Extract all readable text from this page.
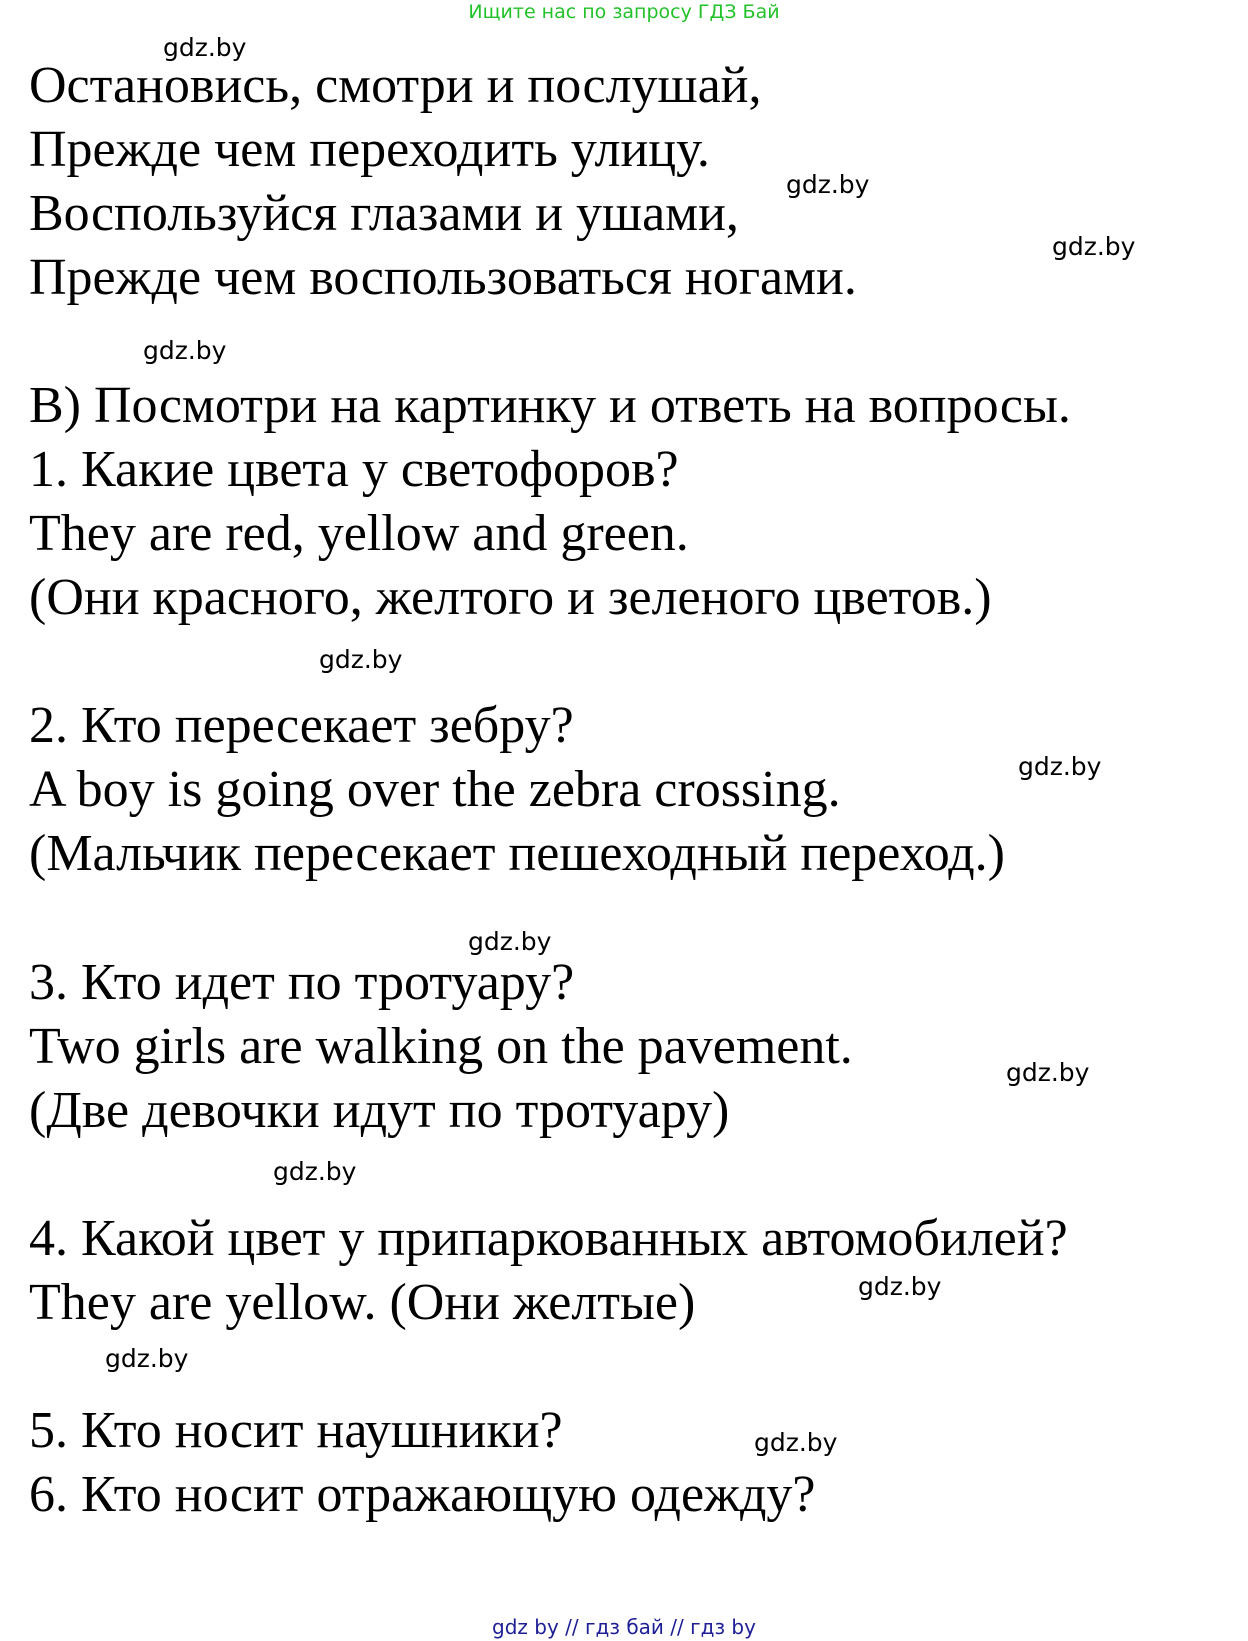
Ищите нас по запросу ГДЗ Бай
Остановись, смотри и послушай,
Прежде чем переходить улицу.
Воспользуйся глазами и ушами,
Прежде чем воспользоваться ногами.
B) Посмотри на картинку и ответь на вопросы.
1. Какие цвета у светофоров?
They are red, yellow and green.
(Они красного, желтого и зеленого цветов.)
2. Кто пересекает зебру?
A boy is going over the zebra crossing.
(Мальчик пересекает пешеходный переход.)
3. Кто идет по тротуару?
Two girls are walking on the pavement.
(Две девочки идут по тротуару)
4. Какой цвет у припаркованных автомобилей?
They are yellow. (Они желтые)
5. Кто носит наушники?
6. Кто носит отражающую одежду?
gdz.by
gdz.by
gdz.by
gdz.by
gdz.by
gdz.by
gdz.by
gdz.by
gdz.by
gdz.by
gdz.by
gdz.by
gdz by // гдз бай // гдз by
